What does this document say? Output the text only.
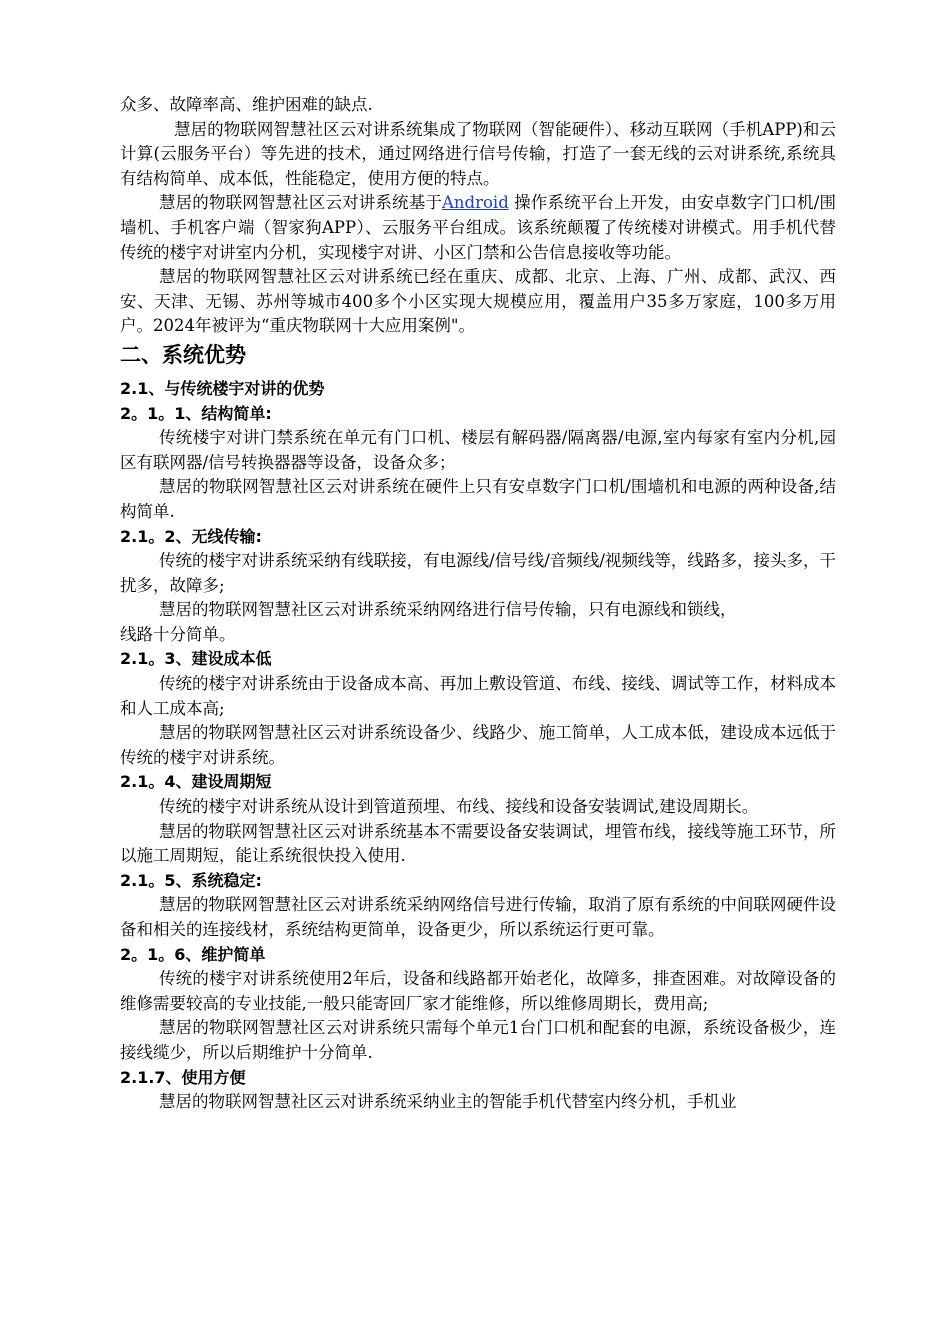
众多、故障率高、维护困难的缺点.

慧居的物联网智慧社区云对讲系统集成了物联网（智能硬件）、移动互联网（手机APP)和云计算(云服务平台）等先进的技术，通过网络进行信号传输，打造了一套无线的云对讲系统,系统具有结构简单、成本低，性能稳定，使用方便的特点。

慧居的物联网智慧社区云对讲系统基于Android 操作系统平台上开发，由安卓数字门口机/围墙机、手机客户端（智家狗APP）、云服务平台组成。该系统颠覆了传统楼对讲模式。用手机代替传统的楼宇对讲室内分机，实现楼宇对讲、小区门禁和公告信息接收等功能。

慧居的物联网智慧社区云对讲系统已经在重庆、成都、北京、上海、广州、成都、武汉、西安、天津、无锡、苏州等城市400多个小区实现大规模应用，覆盖用户35多万家庭，100多万用户。2024年被评为“重庆物联网十大应用案例"。

二、系统优势
2.1、与传统楼宇对讲的优势
2。1。1、结构简单:

传统楼宇对讲门禁系统在单元有门口机、楼层有解码器/隔离器/电源,室内每家有室内分机,园区有联网器/信号转换器器等设备，设备众多；

慧居的物联网智慧社区云对讲系统在硬件上只有安卓数字门口机/围墙机和电源的两种设备,结构简单.

2.1。2、无线传输:

传统的楼宇对讲系统采纳有线联接，有电源线/信号线/音频线/视频线等，线路多，接头多，干扰多，故障多;

慧居的物联网智慧社区云对讲系统采纳网络进行信号传输，只有电源线和锁线，

线路十分简单。

2.1。3、建设成本低

传统的楼宇对讲系统由于设备成本高、再加上敷设管道、布线、接线、调试等工作，材料成本和人工成本高;

慧居的物联网智慧社区云对讲系统设备少、线路少、施工简单，人工成本低，建设成本远低于传统的楼宇对讲系统。

2.1。4、建设周期短

传统的楼宇对讲系统从设计到管道预埋、布线、接线和设备安装调试,建设周期长。

慧居的物联网智慧社区云对讲系统基本不需要设备安装调试，埋管布线，接线等施工环节，所以施工周期短，能让系统很快投入使用.

2.1。5、系统稳定:

慧居的物联网智慧社区云对讲系统采纳网络信号进行传输，取消了原有系统的中间联网硬件设备和相关的连接线材，系统结构更简单，设备更少，所以系统运行更可靠。

2。1。6、维护简单

传统的楼宇对讲系统使用2年后，设备和线路都开始老化，故障多，排查困难。对故障设备的维修需要较高的专业技能,一般只能寄回厂家才能维修，所以维修周期长，费用高;

慧居的物联网智慧社区云对讲系统只需每个单元1台门口机和配套的电源，系统设备极少，连接线缆少，所以后期维护十分简单.

2.1.7、使用方便

慧居的物联网智慧社区云对讲系统采纳业主的智能手机代替室内终分机，手机业
